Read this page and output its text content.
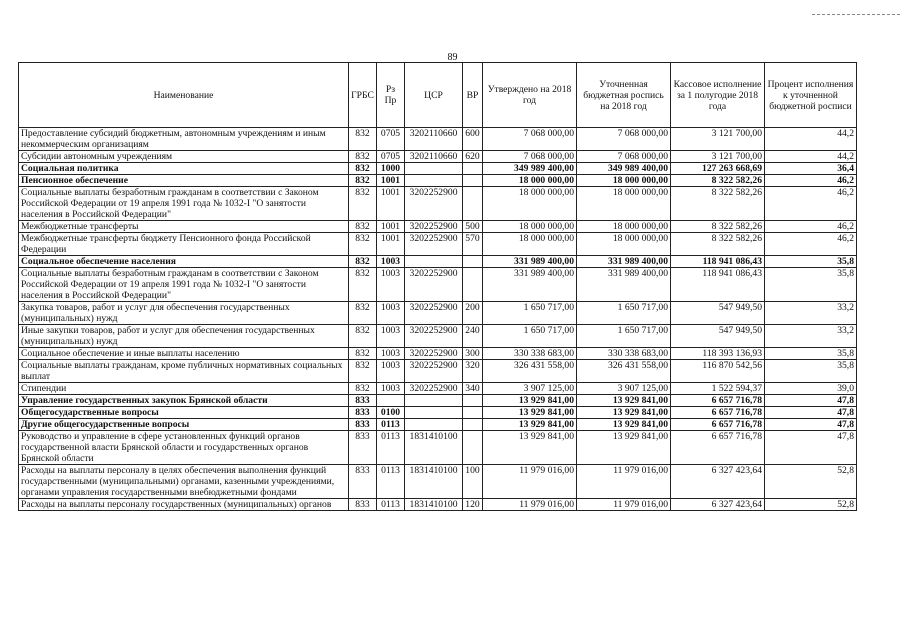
89
Наименование	ГРБС	Рз Пр	ЦСР	ВР	Утверждено на 2018 год	Уточненная бюджетная роспись на 2018 год	Кассовое исполнение за 1 полугодие 2018 года	Процент исполнения к уточненной бюджетной росписи
Предоставление субсидий бюджетным, автономным учреждениям и иным некоммерческим организациям	832	0705	3202110660	600	7 068 000,00	7 068 000,00	3 121 700,00	44,2
Субсидии автономным учреждениям	832	0705	3202110660	620	7 068 000,00	7 068 000,00	3 121 700,00	44,2
Социальная политика	832	1000			349 989 400,00	349 989 400,00	127 263 668,69	36,4
Пенсионное обеспечение	832	1001			18 000 000,00	18 000 000,00	8 322 582,26	46,2
Социальные выплаты безработным гражданам в соответствии с Законом Российской Федерации от 19 апреля 1991 года № 1032-I "О занятости населения в Российской Федерации"	832	1001	3202252900		18 000 000,00	18 000 000,00	8 322 582,26	46,2
Межбюджетные трансферты	832	1001	3202252900	500	18 000 000,00	18 000 000,00	8 322 582,26	46,2
Межбюджетные трансферты бюджету Пенсионного фонда Российской Федерации	832	1001	3202252900	570	18 000 000,00	18 000 000,00	8 322 582,26	46,2
Социальное обеспечение населения	832	1003			331 989 400,00	331 989 400,00	118 941 086,43	35,8
Социальные выплаты безработным гражданам в соответствии с Законом Российской Федерации от 19 апреля 1991 года № 1032-I "О занятости населения в Российской Федерации"	832	1003	3202252900		331 989 400,00	331 989 400,00	118 941 086,43	35,8
Закупка товаров, работ и услуг для обеспечения государственных (муниципальных) нужд	832	1003	3202252900	200	1 650 717,00	1 650 717,00	547 949,50	33,2
Иные закупки товаров, работ и услуг для обеспечения государственных (муниципальных) нужд	832	1003	3202252900	240	1 650 717,00	1 650 717,00	547 949,50	33,2
Социальное обеспечение и иные выплаты населению	832	1003	3202252900	300	330 338 683,00	330 338 683,00	118 393 136,93	35,8
Социальные выплаты гражданам, кроме публичных нормативных социальных выплат	832	1003	3202252900	320	326 431 558,00	326 431 558,00	116 870 542,56	35,8
Стипендии	832	1003	3202252900	340	3 907 125,00	3 907 125,00	1 522 594,37	39,0
Управление государственных закупок Брянской области	833				13 929 841,00	13 929 841,00	6 657 716,78	47,8
Общегосударственные вопросы	833	0100			13 929 841,00	13 929 841,00	6 657 716,78	47,8
Другие общегосударственные вопросы	833	0113			13 929 841,00	13 929 841,00	6 657 716,78	47,8
Руководство и управление в сфере установленных функций органов государственной власти Брянской области и государственных органов Брянской области	833	0113	1831410100		13 929 841,00	13 929 841,00	6 657 716,78	47,8
Расходы на выплаты персоналу в целях обеспечения выполнения функций государственными (муниципальными) органами, казенными учреждениями, органами управления государственными внебюджетными фондами	833	0113	1831410100	100	11 979 016,00	11 979 016,00	6 327 423,64	52,8
Расходы на выплаты персоналу государственных (муниципальных) органов	833	0113	1831410100	120	11 979 016,00	11 979 016,00	6 327 423,64	52,8
